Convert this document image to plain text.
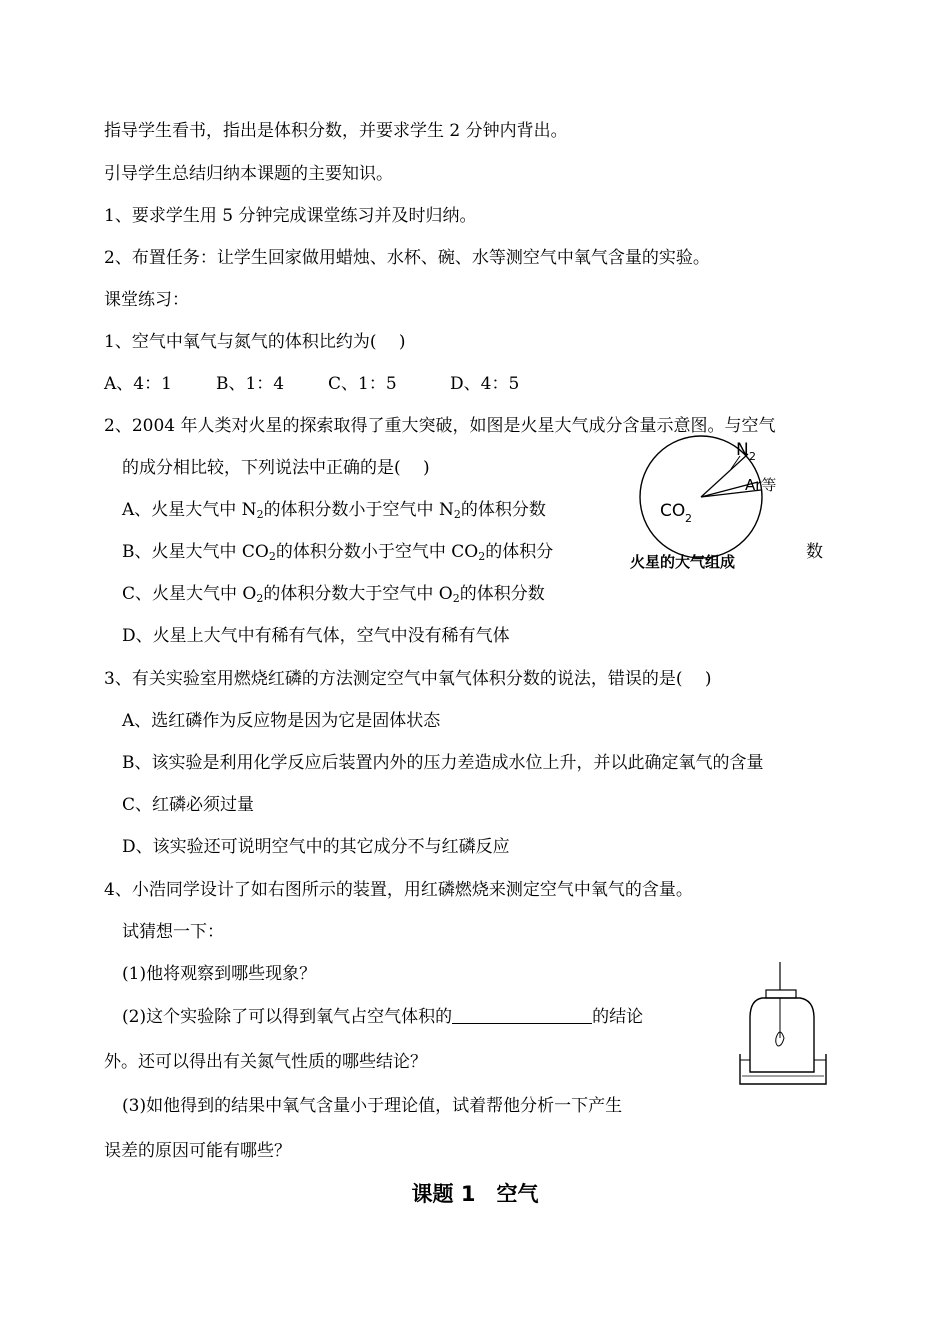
指导学生看书，指出是体积分数，并要求学生 2 分钟内背出。
引导学生总结归纳本课题的主要知识。
1、要求学生用 5 分钟完成课堂练习并及时归纳。
2、布置任务：让学生回家做用蜡烛、水杯、碗、水等测空气中氧气含量的实验。
课堂练习：
1、空气中氧气与氮气的体积比约为(　 )
A、4：1	B、1：4	C、1：5	D、4：5
2、2004 年人类对火星的探索取得了重大突破，如图是火星大气成分含量示意图。与空气
的成分相比较，下列说法中正确的是(　 )
A、火星大气中 $N_2$的体积分数小于空气中 $N_2$的体积分数
B、火星大气中 $CO_2$的体积分数小于空气中 $CO_2$的体积分	数
C、火星大气中 $O_2$的体积分数大于空气中 $O_2$的体积分数
D、火星上大气中有稀有气体，空气中没有稀有气体
N 2
Ar等
CO 2
火星的大气组成
3、有关实验室用燃烧红磷的方法测定空气中氧气体积分数的说法，错误的是(　 )
A、选红磷作为反应物是因为它是固体状态
B、该实验是利用化学反应后装置内外的压力差造成水位上升，并以此确定氧气的含量
C、红磷必须过量
D、该实验还可说明空气中的其它成分不与红磷反应
4、小浩同学设计了如右图所示的装置，用红磷燃烧来测定空气中氧气的含量。
试猜想一下：
(1)他将观察到哪些现象？
(2)这个实验除了可以得到氧气占空气体积的	的结论
外。还可以得出有关氮气性质的哪些结论？
(3)如他得到的结果中氧气含量小于理论值，试着帮他分析一下产生
误差的原因可能有哪些？
课题 1　空气
